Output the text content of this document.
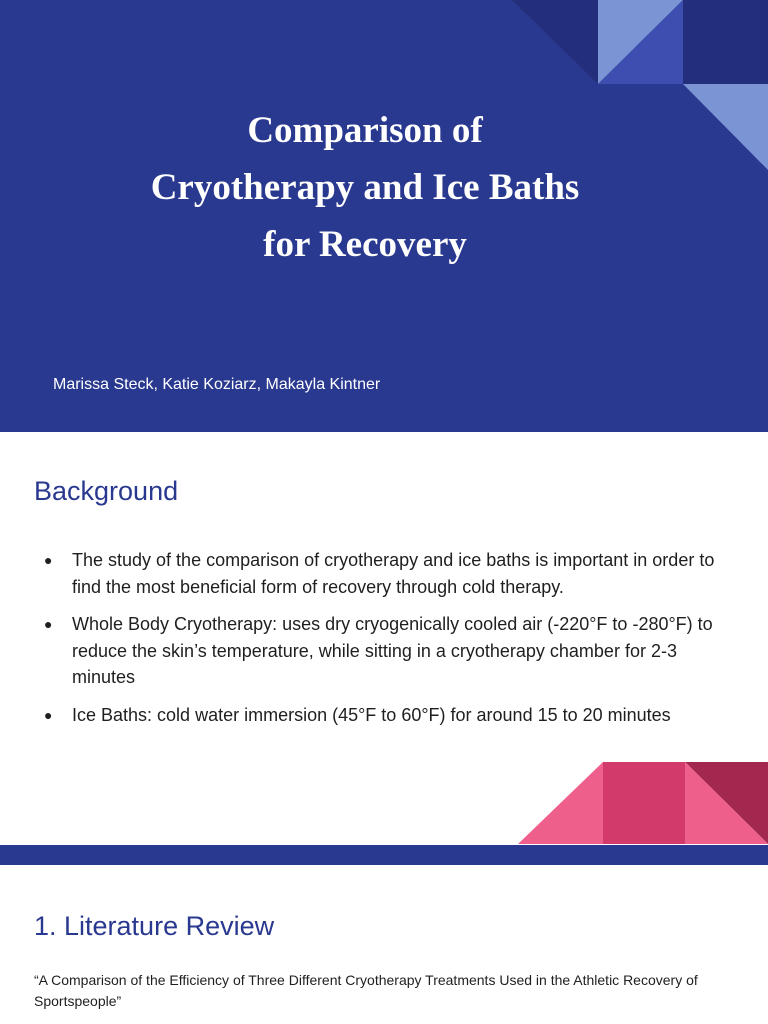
Comparison of
Cryotherapy and Ice Baths
for Recovery
Marissa Steck, Katie Koziarz, Makayla Kintner
Background
● The study of the comparison of cryotherapy and ice baths is important in order to find the most beneficial form of recovery through cold therapy.
● Whole Body Cryotherapy: uses dry cryogenically cooled air (-220°F to -280°F) to reduce the skin’s temperature, while sitting in a cryotherapy chamber for 2-3 minutes
● Ice Baths: cold water immersion (45°F to 60°F) for around 15 to 20 minutes
1. Literature Review
“A Comparison of the Efficiency of Three Different Cryotherapy Treatments Used in the Athletic Recovery of Sportspeople”
